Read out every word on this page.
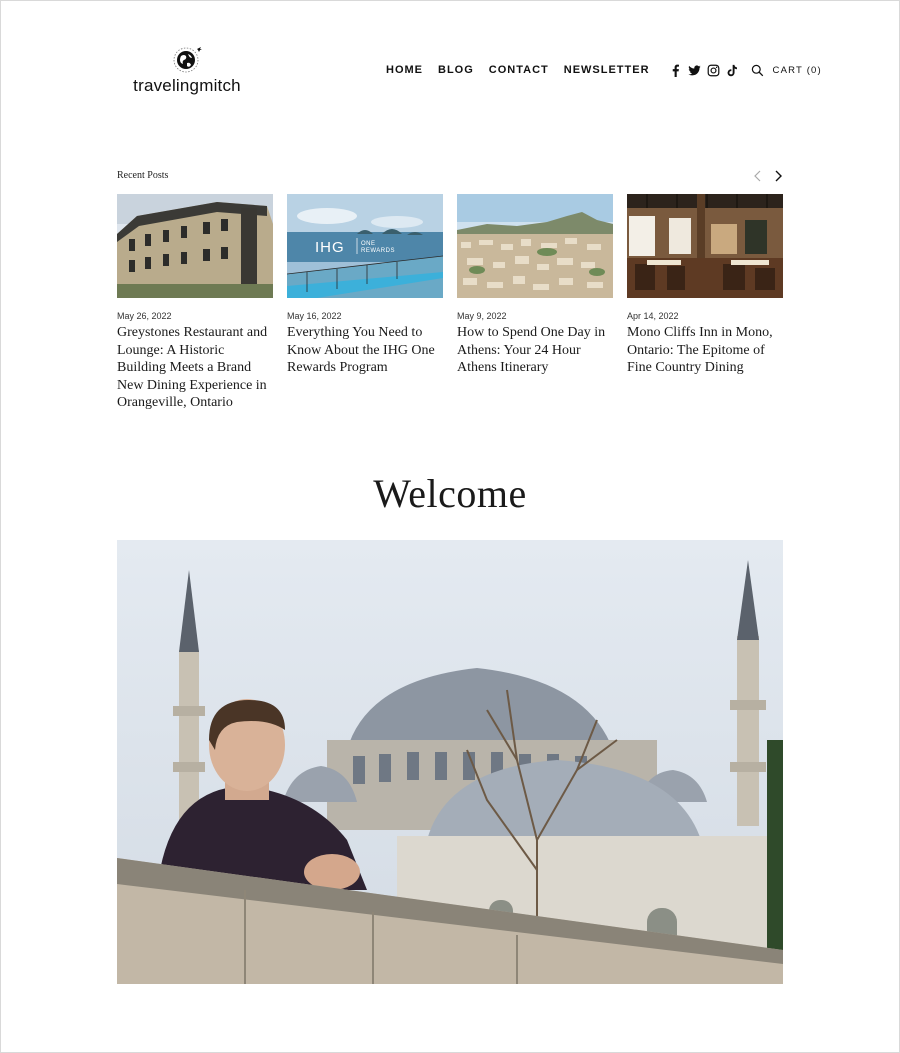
travelingmitch
HOME BLOG CONTACT NEWSLETTER	CART (0)
Recent Posts
May 26, 2022
Greystones Restaurant and Lounge: A Historic Building Meets a Brand New Dining Experience in Orangeville, Ontario
IHG	ONE
REWARDS
May 16, 2022
Everything You Need to Know About the IHG One Rewards Program
May 9, 2022
How to Spend One Day in Athens: Your 24 Hour Athens Itinerary
Apr 14, 2022
Mono Cliffs Inn in Mono, Ontario: The Epitome of Fine Country Dining
Welcome
